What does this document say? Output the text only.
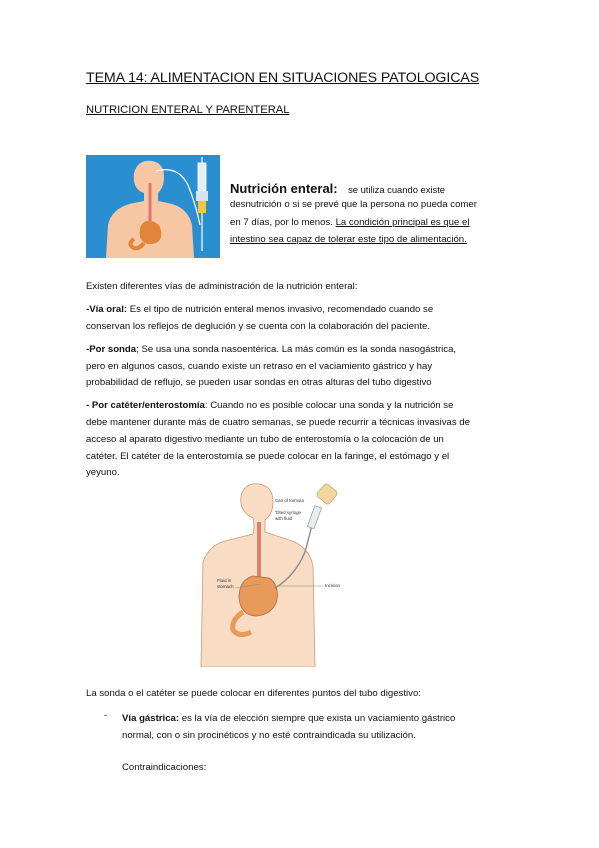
TEMA 14: ALIMENTACION EN SITUACIONES PATOLOGICAS
NUTRICION ENTERAL Y PARENTERAL
Nutrición enteral: se utiliza cuando existe
desnutrición o si se prevé que la persona no pueda comer
en 7 días, por lo menos. La condición principal es que el
intestino sea capaz de tolerar este tipo de alimentación.
Existen diferentes vías de administración de la nutrición enteral:
-Vía oral: Es el tipo de nutrición enteral menos invasivo, recomendado cuando se
conservan los reflejos de deglución y se cuenta con la colaboración del paciente.
-Por sonda; Se usa una sonda nasoentérica. La más común es la sonda nasogástrica,
pero en algunos casos, cuando existe un retraso en el vaciamiento gástrico y hay
probabilidad de reflujo, se pueden usar sondas en otras alturas del tubo digestivo
- Por catéter/enterostomía: Cuando no es posible colocar una sonda y la nutrición se
debe mantener durante más de cuatro semanas, se puede recurrir a técnicas invasivas de
acceso al aparato digestivo mediante un tubo de enterostomía o la colocación de un
catéter. El catéter de la enterostomía se puede colocar en la faringe, el estómago y el
yeyuno.
Can of formula
Tilted syringe
with fluid
Fluid in
stomach	Incision
La sonda o el catéter se puede colocar en diferentes puntos del tubo digestivo:
- Vía gástrica: es la vía de elección siempre que exista un vaciamiento gástrico
normal, con o sin procinéticos y no esté contraindicada su utilización.
Contraindicaciones:
